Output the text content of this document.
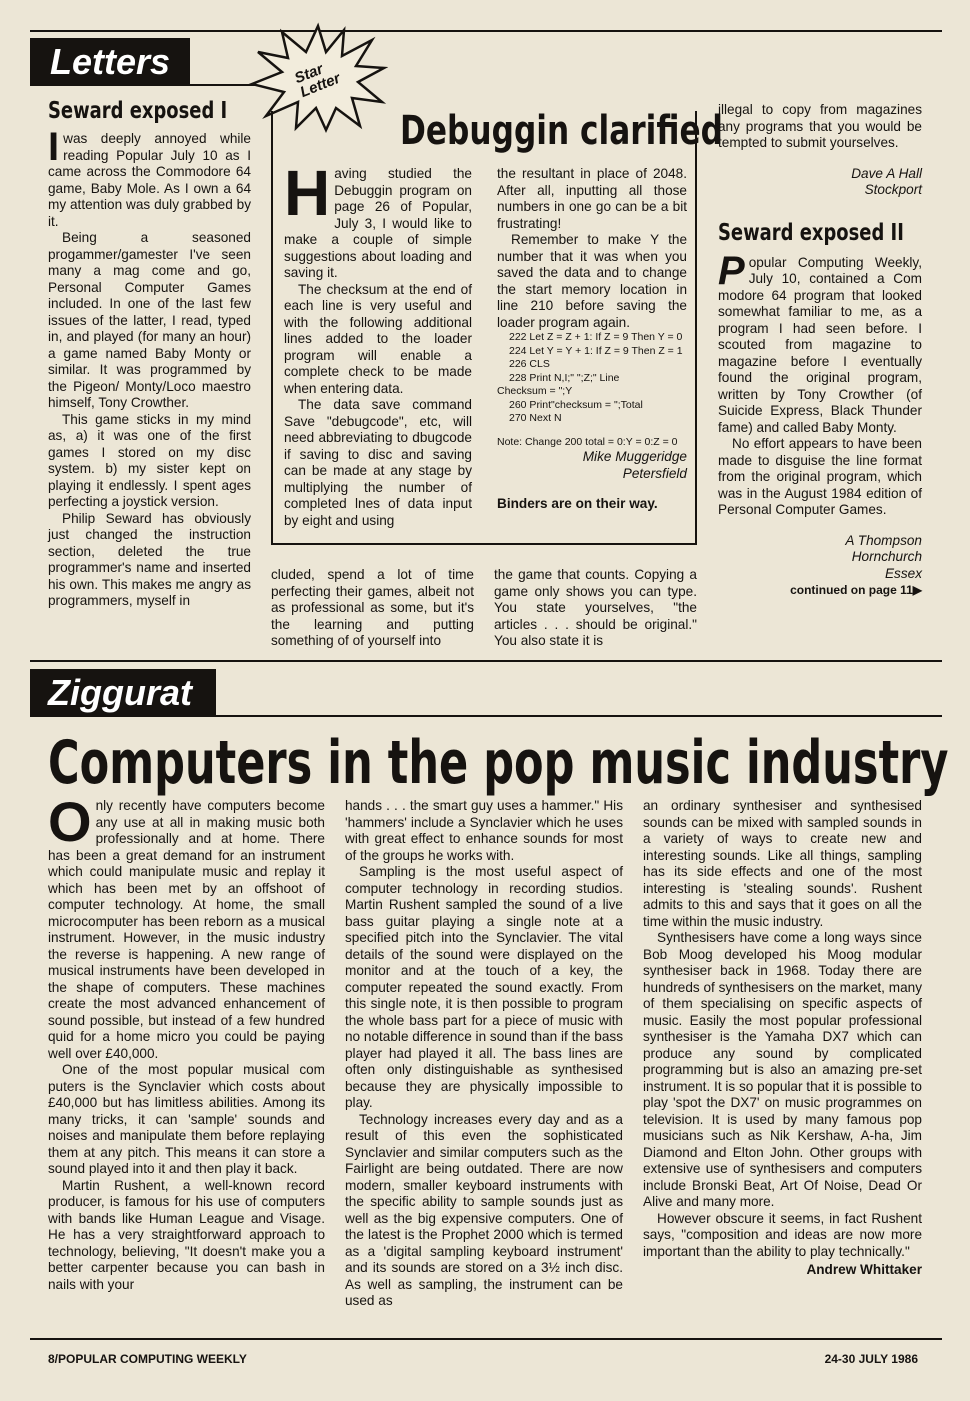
Letters	Star Letter
Seward exposed I

I was deeply annoyed while reading Popular July 10 as I came across the Commodore 64 game, Baby Mole. As I own a 64 my attention was duly grabbed by it.

Being a seasoned progammer/gamester I've seen many a mag come and go, Personal Computer Games included. In one of the last few issues of the latter, I read, typed in, and played (for many an hour) a game named Baby Monty or similar. It was programmed by the Pigeon/ Monty/Loco maestro himself, Tony Crowther.

This game sticks in my mind as, a) it was one of the first games I stored on my disc system. b) my sister kept on playing it endlessly. I spent ages perfecting a joystick version.

Philip Seward has obviously just changed the instruction section, deleted the true programmer's name and inserted his own. This makes me angry as programmers, myself in

Debuggin clarified

Having studied the Debuggin program on page 26 of Popular, July 3, I would like to make a couple of simple suggestions about loading and saving it.

The checksum at the end of each line is very useful and with the following additional lines added to the loader program will enable a complete check to be made when entering data.

The data save command Save "debugcode", etc, will need abbreviating to dbugcode if saving to disc and saving can be made at any stage by multiplying the number of completed lnes of data input by eight and using

the resultant in place of 2048. After all, inputting all those numbers in one go can be a bit frustrating!

Remember to make Y the number that it was when you saved the data and to change the start memory location in line 210 before saving the loader program again.

222 Let Z = Z + 1: If Z = 9 Then Y = 0

224 Let Y = Y + 1: If Z = 9 Then Z = 1

226 CLS

228 Print N,I;" ";Z;" Line

Checksum = ";Y

260 Print"checksum = ";Total

270 Next N

Note: Change 200 total = 0:Y = 0:Z = 0

Mike Muggeridge

Petersfield

Binders are on their way.

cluded, spend a lot of time perfecting their games, albeit not as professional as some, but it's the learning and putting something of of yourself into

the game that counts. Copying a game only shows you can type. You state yourselves, "the articles . . . should be original." You also state it is

illegal to copy from magazines any programs that you would be tempted to submit yourselves.

Dave A Hall

Stockport

Seward exposed II

Popular Computing Weekly, July 10, contained a Com modore 64 program that looked somewhat familiar to me, as a program I had seen before. I scouted from magazine to magazine before I eventually found the original program, written by Tony Crowther (of Suicide Express, Black Thunder fame) and called Baby Monty.

No effort appears to have been made to disguise the line format from the original program, which was in the August 1984 edition of Personal Computer Games.

A Thompson

Hornchurch

Essex

continued on page 11▶

Ziggurat
Computers in the pop music industry

Only recently have computers become any use at all in making music both professionally and at home. There has been a great demand for an instrument which could manipulate music and replay it which has been met by an offshoot of computer technology. At home, the small microcomputer has been reborn as a musical instrument. However, in the music industry the reverse is happening. A new range of musical instruments have been developed in the shape of computers. These machines create the most advanced enhancement of sound possible, but instead of a few hundred quid for a home micro you could be paying well over £40,000.

One of the most popular musical com puters is the Synclavier which costs about £40,000 but has limitless abilities. Among its many tricks, it can 'sample' sounds and noises and manipulate them before replaying them at any pitch. This means it can store a sound played into it and then play it back.

Martin Rushent, a well-known record producer, is famous for his use of computers with bands like Human League and Visage. He has a very straightforward approach to technology, believing, "It doesn't make you a better carpenter because you can bash in nails with your

hands . . . the smart guy uses a hammer." His 'hammers' include a Synclavier which he uses with great effect to enhance sounds for most of the groups he works with.

Sampling is the most useful aspect of computer technology in recording studios. Martin Rushent sampled the sound of a live bass guitar playing a single note at a specified pitch into the Synclavier. The vital details of the sound were displayed on the monitor and at the touch of a key, the computer repeated the sound exactly. From this single note, it is then possible to program the whole bass part for a piece of music with no notable difference in sound than if the bass player had played it all. The bass lines are often only distinguishable as synthesised because they are physically impossible to play.

Technology increases every day and as a result of this even the sophisticated Synclavier and similar computers such as the Fairlight are being outdated. There are now modern, smaller keyboard instruments with the specific ability to sample sounds just as well as the big expensive computers. One of the latest is the Prophet 2000 which is termed as a 'digital sampling keyboard instrument' and its sounds are stored on a 3½ inch disc. As well as sampling, the instrument can be used as

an ordinary synthesiser and synthesised sounds can be mixed with sampled sounds in a variety of ways to create new and interesting sounds. Like all things, sampling has its side effects and one of the most interesting is 'stealing sounds'. Rushent admits to this and says that it goes on all the time within the music industry.

Synthesisers have come a long ways since Bob Moog developed his Moog modular synthesiser back in 1968. Today there are hundreds of synthesisers on the market, many of them specialising on specific aspects of music. Easily the most popular professional synthesiser is the Yamaha DX7 which can produce any sound by complicated programming but is also an amazing pre-set instrument. It is so popular that it is possible to play 'spot the DX7' on music programmes on television. It is used by many famous pop musicians such as Nik Kershaw, A-ha, Jim Diamond and Elton John. Other groups with extensive use of synthesisers and computers include Bronski Beat, Art Of Noise, Dead Or Alive and many more.

However obscure it seems, in fact Rushent says, "composition and ideas are now more important than the ability to play technically."

Andrew Whittaker

8/POPULAR COMPUTING WEEKLY	24-30 JULY 1986
